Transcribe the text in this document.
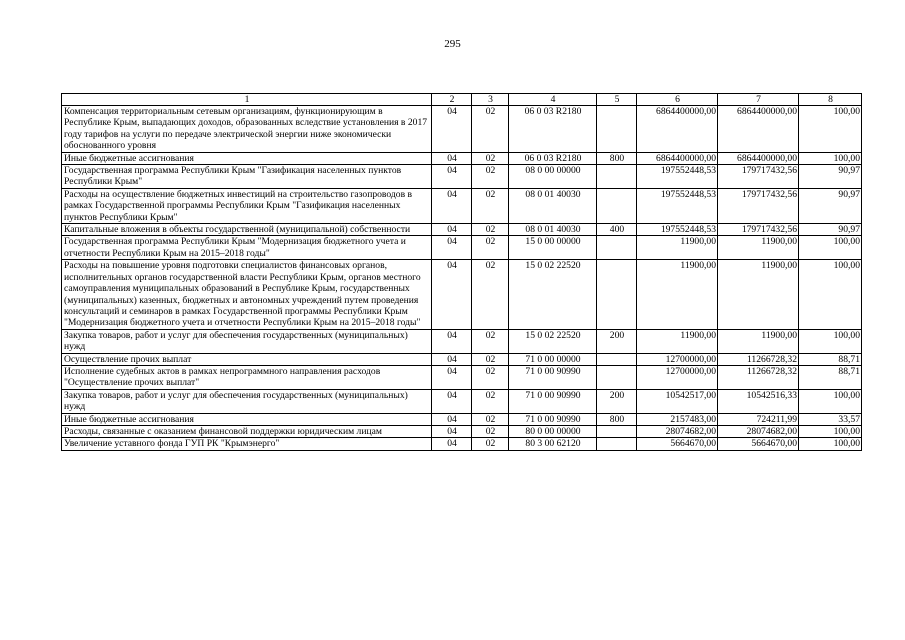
295
1	2	3	4	5	6	7	8
Компенсация территориальным сетевым организациям, функционирующим в Республике Крым, выпадающих доходов, образованных вследствие установления в 2017 году тарифов на услуги по передаче электрической энергии ниже экономически обоснованного уровня	04	02	06 0 03 R2180		6864400000,00	6864400000,00	100,00
Иные бюджетные ассигнования	04	02	06 0 03 R2180	800	6864400000,00	6864400000,00	100,00
Государственная программа Республики Крым "Газификация населенных пунктов Республики Крым"	04	02	08 0 00 00000		197552448,53	179717432,56	90,97
Расходы на осуществление бюджетных инвестиций на строительство газопроводов в рамках Государственной программы Республики Крым "Газификация населенных пунктов Республики Крым"	04	02	08 0 01 40030		197552448,53	179717432,56	90,97
Капитальные вложения в объекты государственной (муниципальной) собственности	04	02	08 0 01 40030	400	197552448,53	179717432,56	90,97
Государственная программа Республики Крым "Модернизация бюджетного учета и отчетности Республики Крым на 2015–2018 годы"	04	02	15 0 00 00000		11900,00	11900,00	100,00
Расходы на повышение уровня подготовки специалистов финансовых органов, исполнительных органов государственной власти Республики Крым, органов местного самоуправления муниципальных образований в Республике Крым, государственных (муниципальных) казенных, бюджетных и автономных учреждений путем проведения консультаций и семинаров в рамках Государственной программы Республики Крым "Модернизация бюджетного учета и отчетности Республики Крым на 2015–2018 годы"	04	02	15 0 02 22520		11900,00	11900,00	100,00
Закупка товаров, работ и услуг для обеспечения государственных (муниципальных) нужд	04	02	15 0 02 22520	200	11900,00	11900,00	100,00
Осуществление прочих выплат	04	02	71 0 00 00000		12700000,00	11266728,32	88,71
Исполнение судебных актов в рамках непрограммного направления расходов "Осуществление прочих выплат"	04	02	71 0 00 90990		12700000,00	11266728,32	88,71
Закупка товаров, работ и услуг для обеспечения государственных (муниципальных) нужд	04	02	71 0 00 90990	200	10542517,00	10542516,33	100,00
Иные бюджетные ассигнования	04	02	71 0 00 90990	800	2157483,00	724211,99	33,57
Расходы, связанные с оказанием финансовой поддержки юридическим лицам	04	02	80 0 00 00000		28074682,00	28074682,00	100,00
Увеличение уставного фонда ГУП РК "Крымэнерго"	04	02	80 3 00 62120		5664670,00	5664670,00	100,00
